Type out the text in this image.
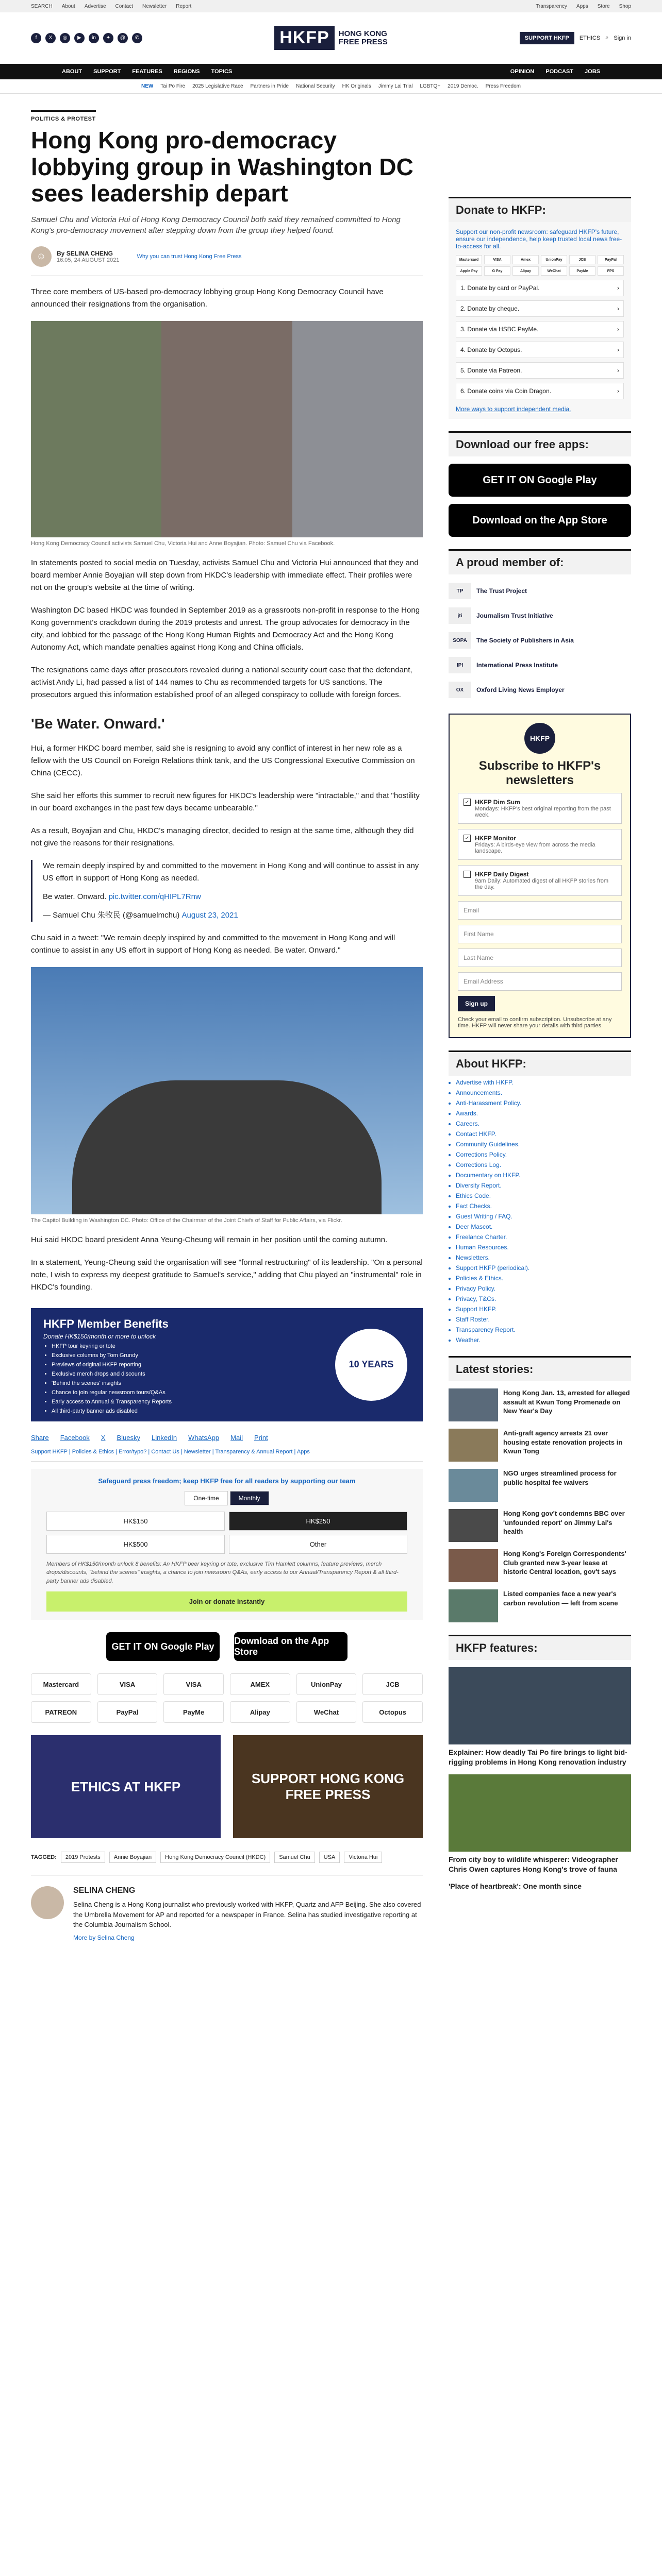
SEARCH About Advertise Contact Newsletter Report	Transparency Apps Store Shop
f	X	◎	▶	in	✦	@	✆	HKFP	HONG KONG
FREE PRESS	SUPPORT HKFP	ETHICS ⌕ Sign in
ABOUT SUPPORT FEATURES REGIONS TOPICS	OPINION PODCAST JOBS
NEW Tai Po Fire 2025 Legislative Race Partners in Pride National Security HK Originals Jimmy Lai Trial LGBTQ+ 2019 Democ. Press Freedom
POLITICS & PROTEST
Hong Kong pro-democracy lobbying group in Washington DC sees leadership depart

Samuel Chu and Victoria Hui of Hong Kong Democracy Council both said they remained committed to Hong Kong's pro-democracy movement after stepping down from the group they helped found.

☺	By SELINA CHENG
16:05, 24 AUGUST 2021
Why you can trust Hong Kong Free Press

Three core members of US-based pro-democracy lobbying group Hong Kong Democracy Council have announced their resignations from the organisation.

Hong Kong Democracy Council activists Samuel Chu, Victoria Hui and Anne Boyajian. Photo: Samuel Chu via Facebook.

In statements posted to social media on Tuesday, activists Samuel Chu and Victoria Hui announced that they and board member Annie Boyajian will step down from HKDC's leadership with immediate effect. Their profiles were not on the group's website at the time of writing.

Washington DC based HKDC was founded in September 2019 as a grassroots non-profit in response to the Hong Kong government's crackdown during the 2019 protests and unrest. The group advocates for democracy in the city, and lobbied for the passage of the Hong Kong Human Rights and Democracy Act and the Hong Kong Autonomy Act, which mandate penalties against Hong Kong and China officials.

The resignations came days after prosecutors revealed during a national security court case that the defendant, activist Andy Li, had passed a list of 144 names to Chu as recommended targets for US sanctions. The prosecutors argued this information established proof of an alleged conspiracy to collude with foreign forces.

'Be Water. Onward.'

Hui, a former HKDC board member, said she is resigning to avoid any conflict of interest in her new role as a fellow with the US Council on Foreign Relations think tank, and the US Congressional Executive Commission on China (CECC).

She said her efforts this summer to recruit new figures for HKDC's leadership were "intractable," and that "hostility in our board exchanges in the past few days became unbearable."

As a result, Boyajian and Chu, HKDC's managing director, decided to resign at the same time, although they did not give the reasons for their resignations.

We remain deeply inspired by and committed to the movement in Hong Kong and will continue to assist in any US effort in support of Hong Kong as needed.

Be water. Onward. pic.twitter.com/qHIPL7Rnw

— Samuel Chu 朱牧民 (@samuelmchu) August 23, 2021

Chu said in a tweet: "We remain deeply inspired by and committed to the movement in Hong Kong and will continue to assist in any US effort in support of Hong Kong as needed. Be water. Onward."

The Capitol Building in Washington DC. Photo: Office of the Chairman of the Joint Chiefs of Staff for Public Affairs, via Flickr.

Hui said HKDC board president Anna Yeung-Cheung will remain in her position until the coming autumn.

In a statement, Yeung-Cheung said the organisation will see "formal restructuring" of its leadership. "On a personal note, I wish to express my deepest gratitude to Samuel's service," adding that Chu played an "instrumental" role in HKDC's founding.

HKFP Member Benefits
Donate HK$150/month or more to unlock
• HKFP tour keyring or tote
• Exclusive columns by Tom Grundy
• Previews of original HKFP reporting
• Exclusive merch drops and discounts
• 'Behind the scenes' insights
• Chance to join regular newsroom tours/Q&As
• Early access to Annual & Transparency Reports
• All third-party banner ads disabled
10 YEARS
Share Facebook X Bluesky LinkedIn WhatsApp Mail Print
Support HKFP | Policies & Ethics | Error/typo? | Contact Us | Newsletter | Transparency & Annual Report | Apps
Safeguard press freedom; keep HKFP free for all readers by supporting our team
One-time	Monthly
HK$150	HK$250
HK$500	Other
Members of HK$150/month unlock 8 benefits: An HKFP beer keyring or tote, exclusive Tim Hamlett columns, feature previews, merch drops/discounts, "behind the scenes" insights, a chance to join newsroom Q&As, early access to our Annual/Transparency Report & all third-party banner ads disabled.
Join or donate instantly
GET IT ON Google Play
Download on the App Store
Mastercard	VISA	VISA	AMEX	UnionPay	JCB
PATREON	PayPal	PayMe	Alipay	WeChat	Octopus
ETHICS AT HKFP
SUPPORT HONG KONG FREE PRESS
TAGGED:	2019 Protests	Annie Boyajian	Hong Kong Democracy Council (HKDC)	Samuel Chu	USA	Victoria Hui
SELINA CHENG

Selina Cheng is a Hong Kong journalist who previously worked with HKFP, Quartz and AFP Beijing. She also covered the Umbrella Movement for AP and reported for a newspaper in France. Selina has studied investigative reporting at the Columbia Journalism School.

More by Selina Cheng
Donate to HKFP:
Support our non-profit newsroom: safeguard HKFP's future, ensure our independence, help keep trusted local news free-to-access for all.
Mastercard	VISA	Amex	UnionPay	JCB	PayPal
Apple Pay	G Pay	Alipay	WeChat	PayMe	FPS
1. Donate by card or PayPal.	›
2. Donate by cheque.	›
3. Donate via HSBC PayMe.	›
4. Donate by Octopus.	›
5. Donate via Patreon.	›
6. Donate coins via Coin Dragon.	›
More ways to support independent media.
Download our free apps:
GET IT ON Google Play
Download on the App Store
A proud member of:
TP	The Trust Project
jti	Journalism Trust Initiative
SOPA	The Society of Publishers in Asia
IPI	International Press Institute
OX	Oxford Living News Employer
HKFP
Subscribe to HKFP's newsletters
✓ HKFP Dim Sum
Mondays: HKFP's best original reporting from the past week.
✓ HKFP Monitor
Fridays: A birds-eye view from across the media landscape.
HKFP Daily Digest
9am Daily: Automated digest of all HKFP stories from the day.
Email
First Name
Last Name
Email Address
Sign up

Check your email to confirm subscription. Unsubscribe at any time. HKFP will never share your details with third parties.

About HKFP:
• Advertise with HKFP.
• Announcements.
• Anti-Harassment Policy.
• Awards.
• Careers.
• Contact HKFP.
• Community Guidelines.
• Corrections Policy.
• Corrections Log.
• Documentary on HKFP.
• Diversity Report.
• Ethics Code.
• Fact Checks.
• Guest Writing / FAQ.
• Deer Mascot.
• Freelance Charter.
• Human Resources.
• Newsletters.
• Support HKFP (periodical).
• Policies & Ethics.
• Privacy Policy.
• Privacy, T&Cs.
• Support HKFP.
• Staff Roster.
• Transparency Report.
• Weather.
Latest stories:
Hong Kong Jan. 13, arrested for alleged assault at Kwun Tong Promenade on New Year's Day
Anti-graft agency arrests 21 over housing estate renovation projects in Kwun Tong
NGO urges streamlined process for public hospital fee waivers
Hong Kong gov't condemns BBC over 'unfounded report' on Jimmy Lai's health
Hong Kong's Foreign Correspondents' Club granted new 3-year lease at historic Central location, gov't says
Listed companies face a new year's carbon revolution — left from scene
HKFP features:
Explainer: How deadly Tai Po fire brings to light bid-rigging problems in Hong Kong renovation industry
From city boy to wildlife whisperer: Videographer Chris Owen captures Hong Kong's trove of fauna
'Place of heartbreak': One month since
